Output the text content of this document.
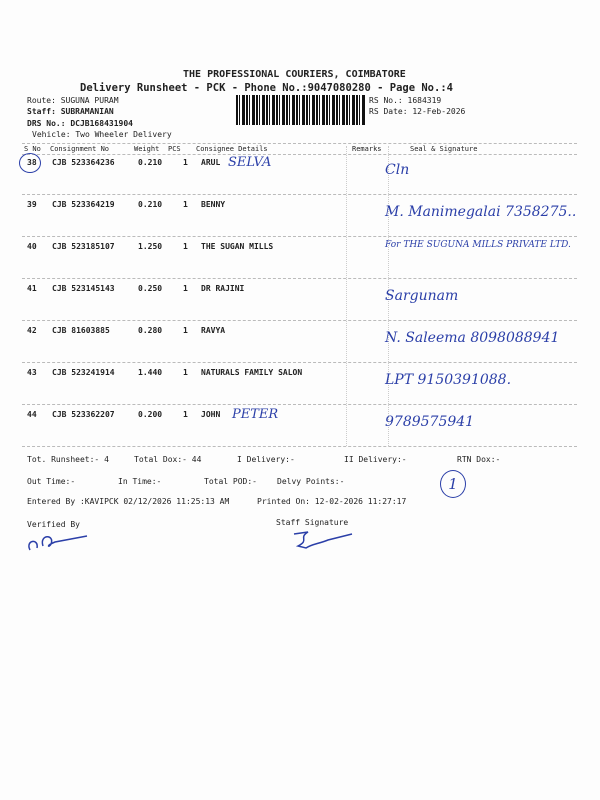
THE PROFESSIONAL COURIERS, COIMBATORE
Delivery Runsheet - PCK - Phone No.:9047080280 - Page No.:4
Route: SUGUNA PURAM
Staff: SUBRAMANIAN
DRS No.: DCJB168431904
Vehicle: Two Wheeler Delivery
RS No.: 1684319
RS Date: 12-Feb-2026
S No Consignment No	Weight PCS Consignee Details	Remarks	Seal & Signature
38 CJB 523364236	0.210	1 ARUL SELVA	Cln
39 CJB 523364219	0.210	1 BENNY	M. Manimegalai 7358275..
40 CJB 523185107	1.250	1 THE SUGAN MILLS	For THE SUGUNA MILLS PRIVATE LTD.
41 CJB 523145143	0.250	1 DR RAJINI	Sargunam
42 CJB 81603885	0.280	1 RAVYA	N. Saleema 8098088941
43 CJB 523241914	1.440	1 NATURALS FAMILY SALON	LPT 9150391088.
44 CJB 523362207	0.200	1 JOHN PETER	9789575941
Tot. Runsheet:- 4	Total Dox:- 44	I Delivery:-	II Delivery:-	RTN Dox:-
Out Time:-	In Time:-	Total POD:-	Delvy Points:-	1
Entered By :KAVIPCK 02/12/2026 11:25:13 AM	Printed On: 12-02-2026 11:27:17
Verified By	Staff Signature
